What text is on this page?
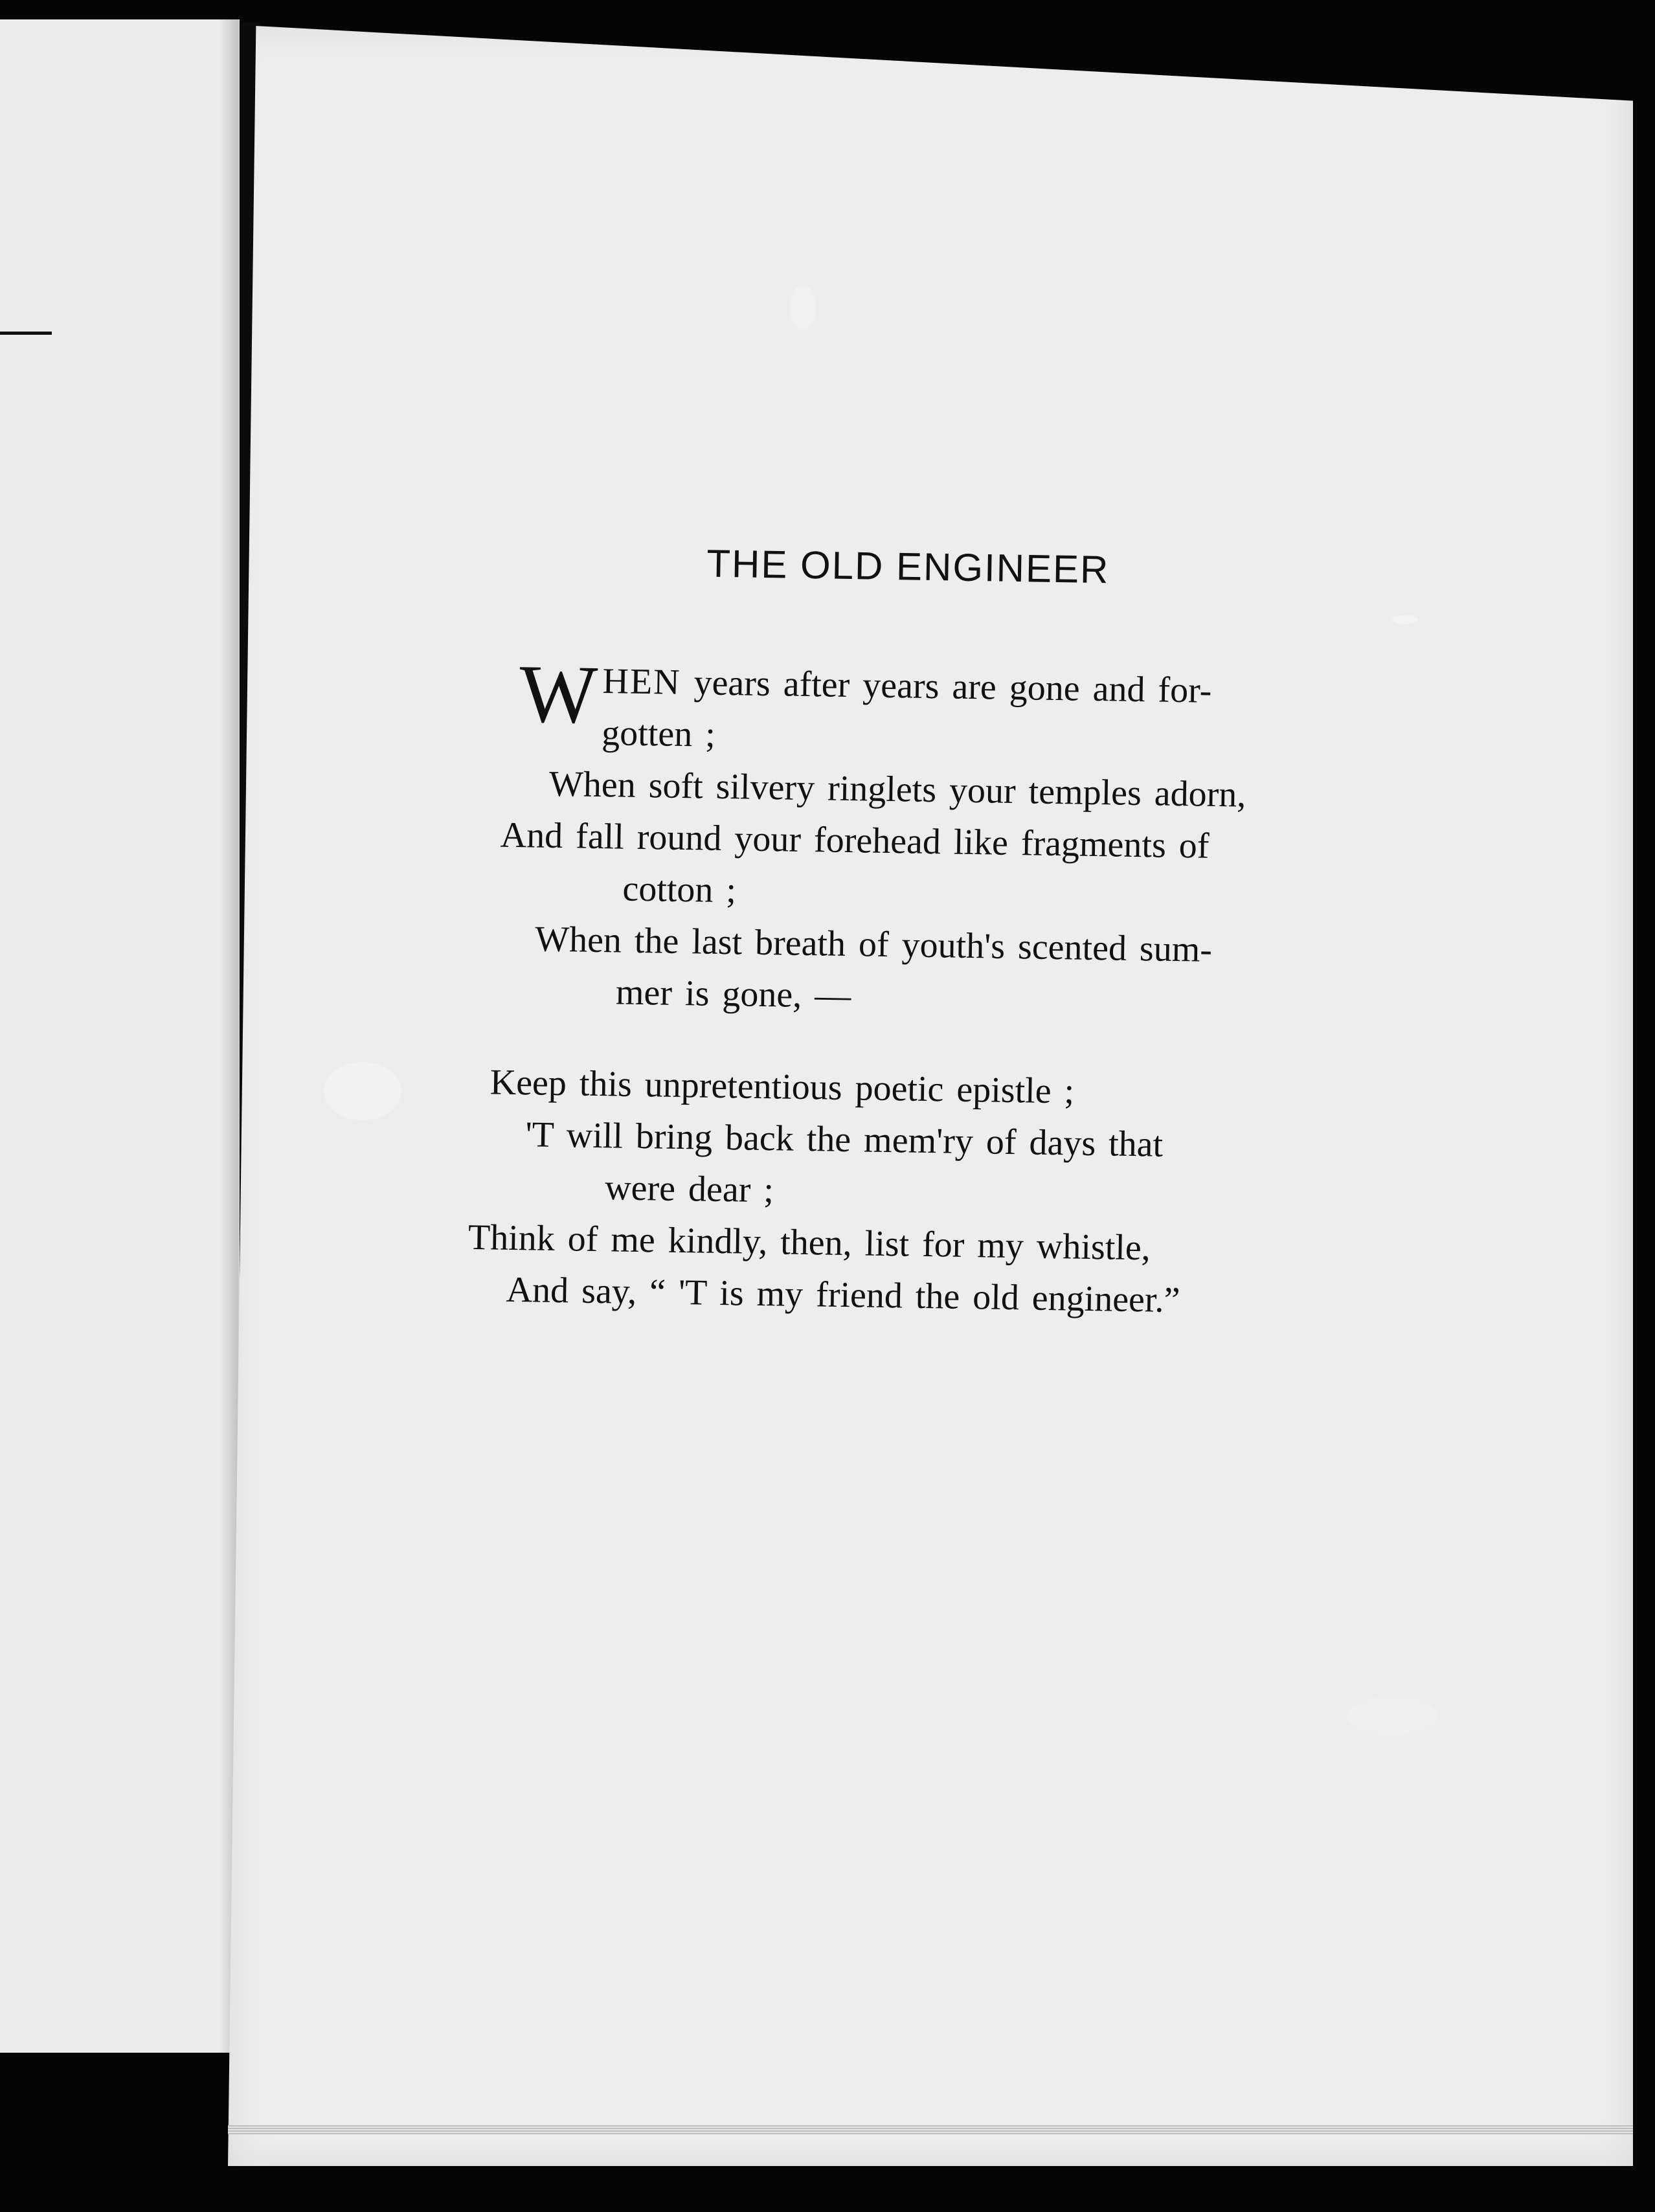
THE OLD ENGINEER
W HEN years after years are gone and for-
gotten ;
When soft silvery ringlets your temples adorn,
And fall round your forehead like fragments of
cotton ;
When the last breath of youth's scented sum-
mer is gone, —
Keep this unpretentious poetic epistle ;
'T will bring back the mem'ry of days that
were dear ;
Think of me kindly, then, list for my whistle,
And say, “ 'T is my friend the old engineer.”
